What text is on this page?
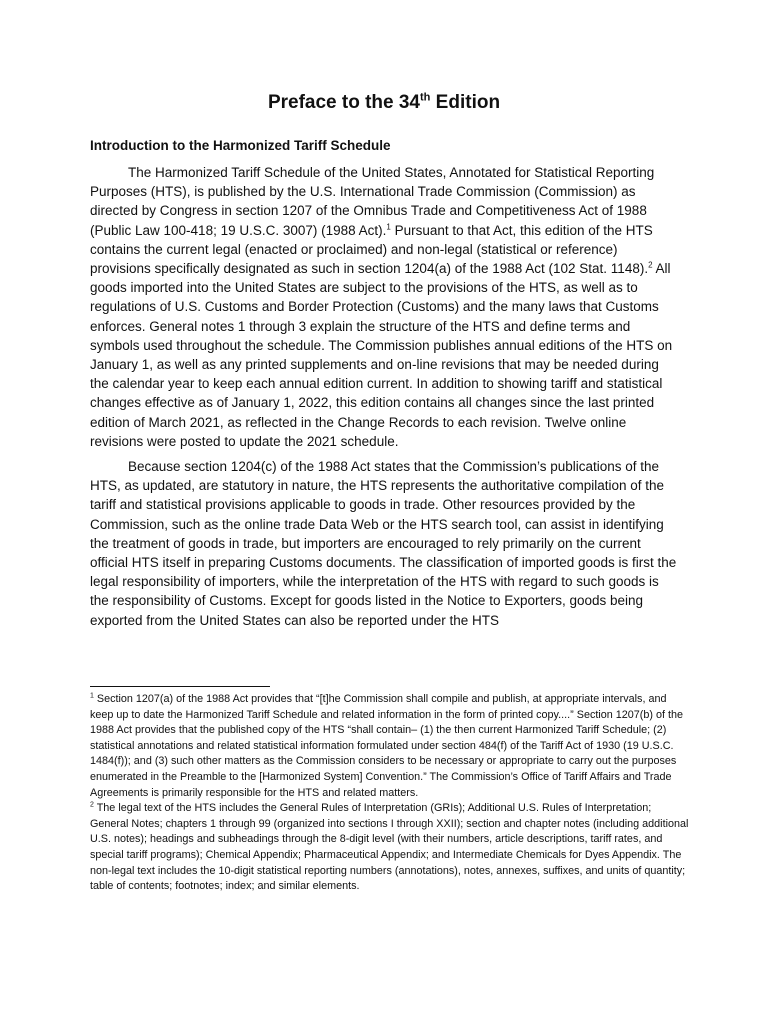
Preface to the 34th Edition
Introduction to the Harmonized Tariff Schedule

The Harmonized Tariff Schedule of the United States, Annotated for Statistical Reporting Purposes (HTS), is published by the U.S. International Trade Commission (Commission) as directed by Congress in section 1207 of the Omnibus Trade and Competitiveness Act of 1988 (Public Law 100-418; 19 U.S.C. 3007) (1988 Act).$^1$ Pursuant to that Act, this edition of the HTS contains the current legal (enacted or proclaimed) and non-legal (statistical or reference) provisions specifically designated as such in section 1204(a) of the 1988 Act (102 Stat. 1148).$^2$ All goods imported into the United States are subject to the provisions of the HTS, as well as to regulations of U.S. Customs and Border Protection (Customs) and the many laws that Customs enforces. General notes 1 through 3 explain the structure of the HTS and define terms and symbols used throughout the schedule. The Commission publishes annual editions of the HTS on January 1, as well as any printed supplements and on-line revisions that may be needed during the calendar year to keep each annual edition current. In addition to showing tariff and statistical changes effective as of January 1, 2022, this edition contains all changes since the last printed edition of March 2021, as reflected in the Change Records to each revision. Twelve online revisions were posted to update the 2021 schedule.

Because section 1204(c) of the 1988 Act states that the Commission’s publications of the HTS, as updated, are statutory in nature, the HTS represents the authoritative compilation of the tariff and statistical provisions applicable to goods in trade. Other resources provided by the Commission, such as the online trade Data Web or the HTS search tool, can assist in identifying the treatment of goods in trade, but importers are encouraged to rely primarily on the current official HTS itself in preparing Customs documents. The classification of imported goods is first the legal responsibility of importers, while the interpretation of the HTS with regard to such goods is the responsibility of Customs. Except for goods listed in the Notice to Exporters, goods being exported from the United States can also be reported under the HTS

$^1$ Section 1207(a) of the 1988 Act provides that “[t]he Commission shall compile and publish, at appropriate intervals, and keep up to date the Harmonized Tariff Schedule and related information in the form of printed copy....” Section 1207(b) of the 1988 Act provides that the published copy of the HTS “shall contain– (1) the then current Harmonized Tariff Schedule; (2) statistical annotations and related statistical information formulated under section 484(f) of the Tariff Act of 1930 (19 U.S.C. 1484(f)); and (3) such other matters as the Commission considers to be necessary or appropriate to carry out the purposes enumerated in the Preamble to the [Harmonized System] Convention.” The Commission’s Office of Tariff Affairs and Trade Agreements is primarily responsible for the HTS and related matters.

$^2$ The legal text of the HTS includes the General Rules of Interpretation (GRIs); Additional U.S. Rules of Interpretation; General Notes; chapters 1 through 99 (organized into sections I through XXII); section and chapter notes (including additional U.S. notes); headings and subheadings through the 8-digit level (with their numbers, article descriptions, tariff rates, and special tariff programs); Chemical Appendix; Pharmaceutical Appendix; and Intermediate Chemicals for Dyes Appendix. The non-legal text includes the 10-digit statistical reporting numbers (annotations), notes, annexes, suffixes, and units of quantity; table of contents; footnotes; index; and similar elements.
